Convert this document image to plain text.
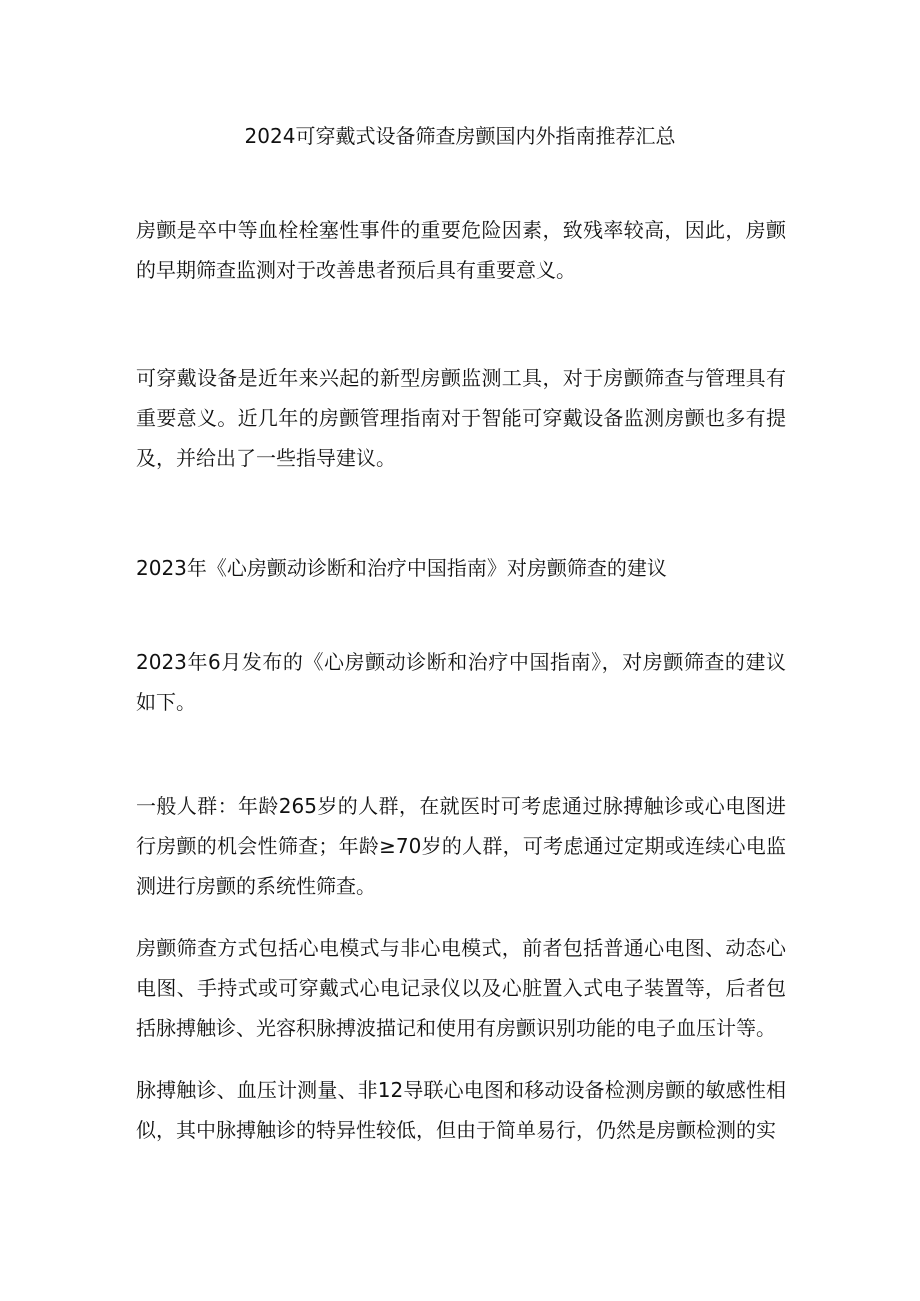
2024可穿戴式设备筛查房颤国内外指南推荐汇总

房颤是卒中等血栓栓塞性事件的重要危险因素，致残率较高，因此，房颤的早期筛查监测对于改善患者预后具有重要意义。

可穿戴设备是近年来兴起的新型房颤监测工具，对于房颤筛查与管理具有重要意义。近几年的房颤管理指南对于智能可穿戴设备监测房颤也多有提及，并给出了一些指导建议。

2023年《心房颤动诊断和治疗中国指南》对房颤筛查的建议

2023年6月发布的《心房颤动诊断和治疗中国指南》，对房颤筛查的建议如下。

一般人群：年龄265岁的人群，在就医时可考虑通过脉搏触诊或心电图进行房颤的机会性筛查；年龄≥70岁的人群，可考虑通过定期或连续心电监测进行房颤的系统性筛查。

房颤筛查方式包括心电模式与非心电模式，前者包括普通心电图、动态心电图、手持式或可穿戴式心电记录仪以及心脏置入式电子装置等，后者包括脉搏触诊、光容积脉搏波描记和使用有房颤识别功能的电子血压计等。

脉搏触诊、血压计测量、非12导联心电图和移动设备检测房颤的敏感性相似，其中脉搏触诊的特异性较低，但由于简单易行，仍然是房颤检测的实
